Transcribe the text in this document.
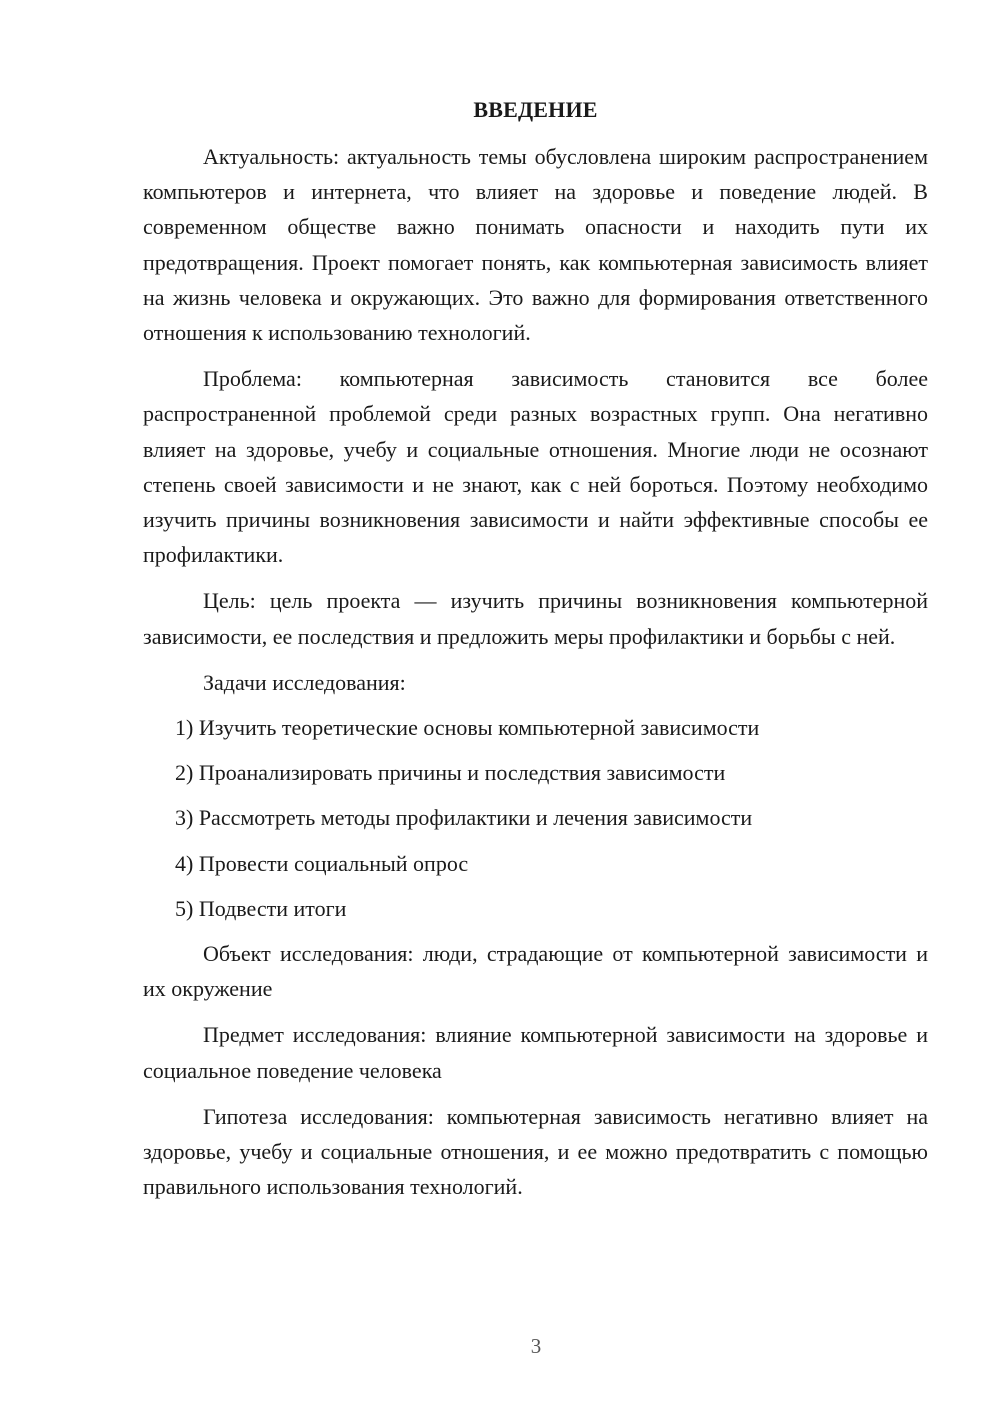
ВВЕДЕНИЕ

Актуальность: актуальность темы обусловлена широким распространением компьютеров и интернета, что влияет на здоровье и поведение людей. В современном обществе важно понимать опасности и находить пути их предотвращения. Проект помогает понять, как компьютерная зависимость влияет на жизнь человека и окружающих. Это важно для формирования ответственного отношения к использованию технологий.

Проблема: компьютерная зависимость становится все более распространенной проблемой среди разных возрастных групп. Она негативно влияет на здоровье, учебу и социальные отношения. Многие люди не осознают степень своей зависимости и не знают, как с ней бороться. Поэтому необходимо изучить причины возникновения зависимости и найти эффективные способы ее профилактики.

Цель: цель проекта — изучить причины возникновения компьютерной зависимости, ее последствия и предложить меры профилактики и борьбы с ней.

Задачи исследования:

1) Изучить теоретические основы компьютерной зависимости
2) Проанализировать причины и последствия зависимости
3) Рассмотреть методы профилактики и лечения зависимости
4) Провести социальный опрос
5) Подвести итоги

Объект исследования: люди, страдающие от компьютерной зависимости и их окружение

Предмет исследования: влияние компьютерной зависимости на здоровье и социальное поведение человека

Гипотеза исследования: компьютерная зависимость негативно влияет на здоровье, учебу и социальные отношения, и ее можно предотвратить с помощью правильного использования технологий.

3
